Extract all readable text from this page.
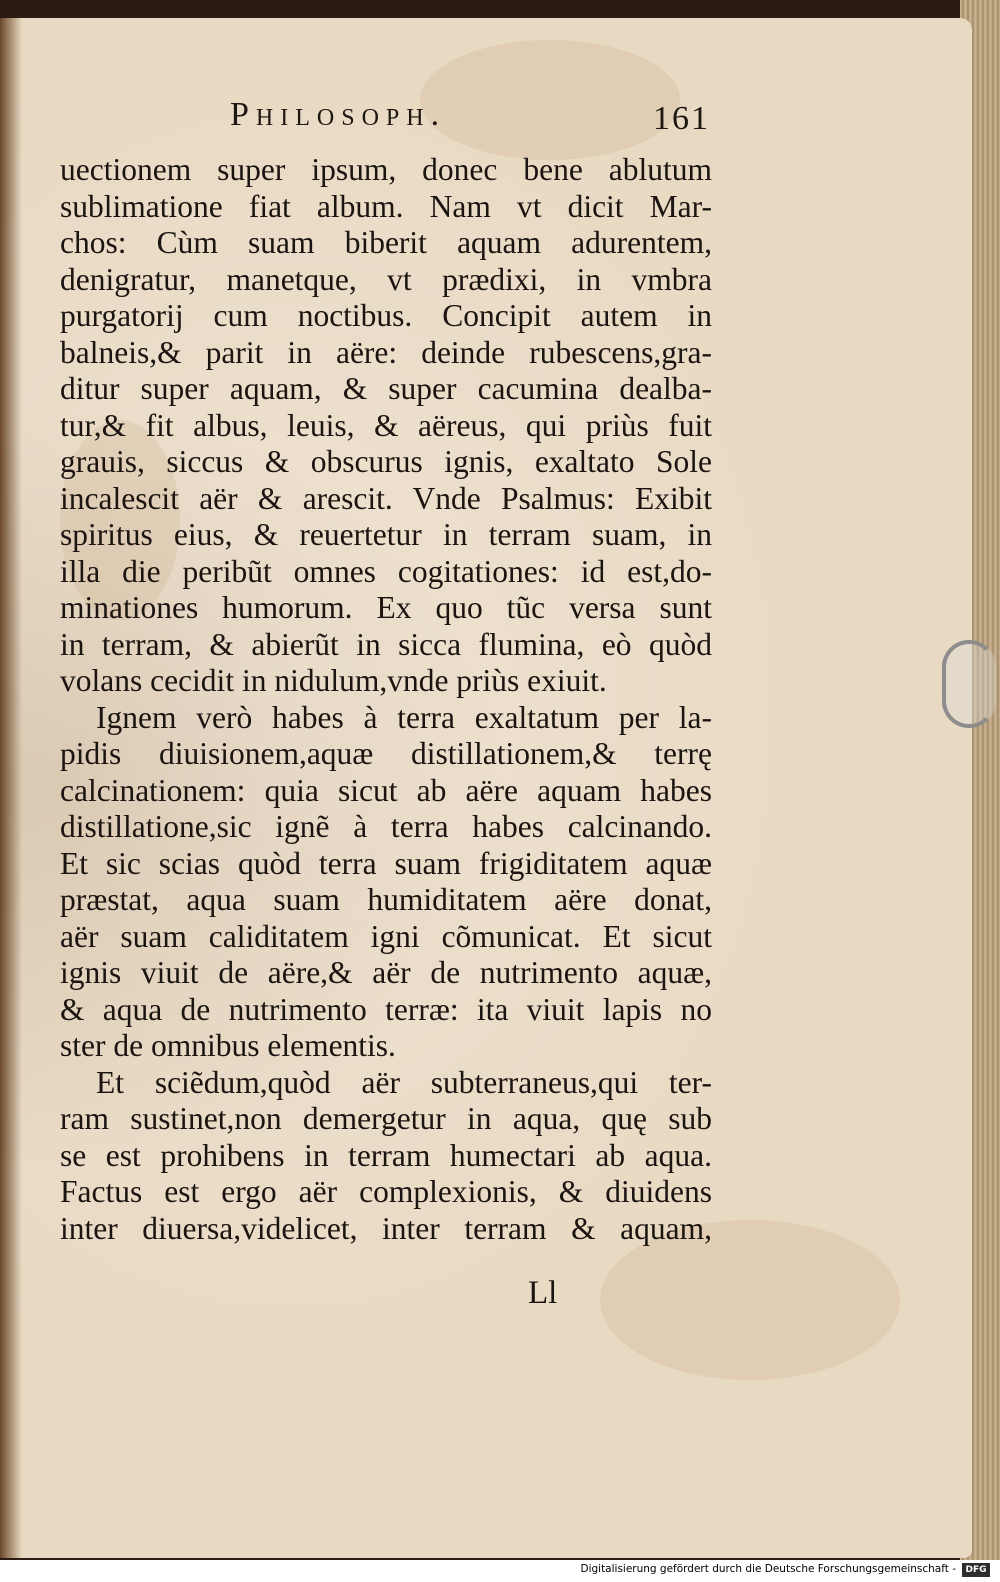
Philosoph.	161
uectionem super ipsum, donec bene ablutum
sublimatione fiat album. Nam vt dicit Mar-
chos: Cùm suam biberit aquam adurentem,
denigratur, manetque, vt prædixi, in vmbra
purgatorij cum noctibus. Concipit autem in
balneis,& parit in aëre: deinde rubescens,gra-
ditur super aquam, & super cacumina dealba-
tur,& fit albus, leuis, & aëreus, qui priùs fuit
grauis, siccus & obscurus ignis, exaltato Sole
incalescit aër & arescit. Vnde Psalmus: Exibit
spiritus eius, & reuertetur in terram suam, in
illa die peribũt omnes cogitationes: id est,do-
minationes humorum. Ex quo tũc versa sunt
in terram, & abierũt in sicca flumina, eò quòd
volans cecidit in nidulum,vnde priùs exiuit.
Ignem verò habes à terra exaltatum per la-
pidis diuisionem,aquæ distillationem,& terrę
calcinationem: quia sicut ab aëre aquam habes
distillatione,sic ignẽ à terra habes calcinando.
Et sic scias quòd terra suam frigiditatem aquæ
præstat, aqua suam humiditatem aëre donat,
aër suam caliditatem igni cõmunicat. Et sicut
ignis viuit de aëre,& aër de nutrimento aquæ,
& aqua de nutrimento terræ: ita viuit lapis no
ster de omnibus elementis.
Et sciẽdum,quòd aër subterraneus,qui ter-
ram sustinet,non demergetur in aqua, quę sub
se est prohibens in terram humectari ab aqua.
Factus est ergo aër complexionis, & diuidens
inter diuersa,videlicet, inter terram & aquam,
Ll
Digitalisierung gefördert durch die Deutsche Forschungsgemeinschaft -	DFG
